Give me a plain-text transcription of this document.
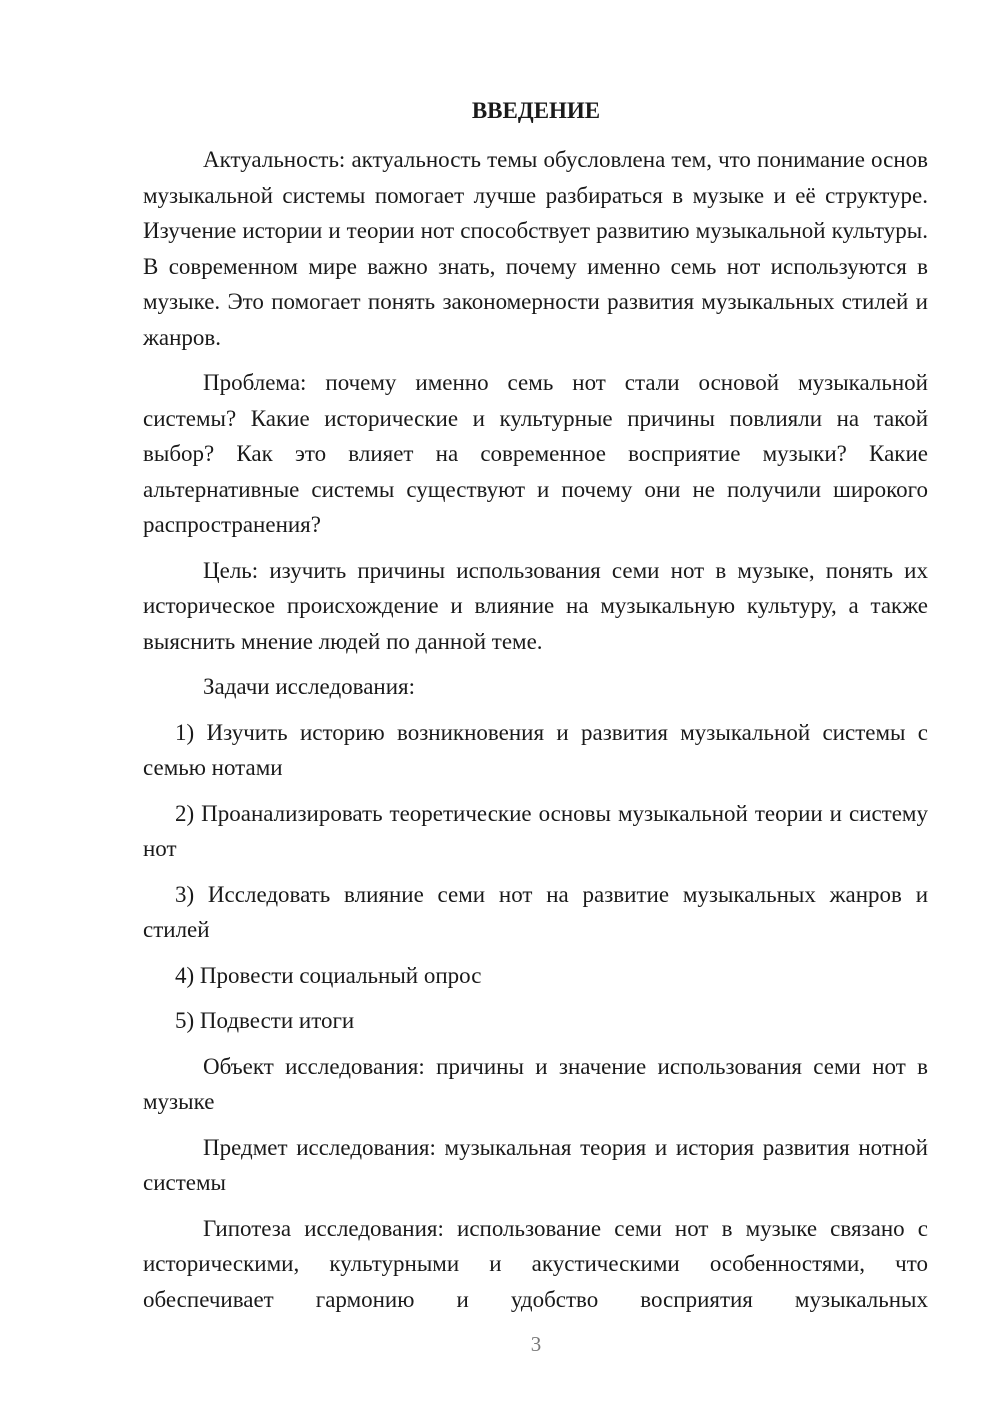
ВВЕДЕНИЕ

Актуальность: актуальность темы обусловлена тем, что понимание основ музыкальной системы помогает лучше разбираться в музыке и её структуре. Изучение истории и теории нот способствует развитию музыкальной культуры. В современном мире важно знать, почему именно семь нот используются в музыке. Это помогает понять закономерности развития музыкальных стилей и жанров.

Проблема: почему именно семь нот стали основой музыкальной системы? Какие исторические и культурные причины повлияли на такой выбор? Как это влияет на современное восприятие музыки? Какие альтернативные системы существуют и почему они не получили широкого распространения?

Цель: изучить причины использования семи нот в музыке, понять их историческое происхождение и влияние на музыкальную культуру, а также выяснить мнение людей по данной теме.

Задачи исследования:

1) Изучить историю возникновения и развития музыкальной системы с семью нотами

2) Проанализировать теоретические основы музыкальной теории и систему нот

3) Исследовать влияние семи нот на развитие музыкальных жанров и стилей

4) Провести социальный опрос

5) Подвести итоги

Объект исследования: причины и значение использования семи нот в музыке

Предмет исследования: музыкальная теория и история развития нотной системы

Гипотеза исследования: использование семи нот в музыке связано с историческими, культурными и акустическими особенностями, что обеспечивает гармонию и удобство восприятия музыкальных

3
